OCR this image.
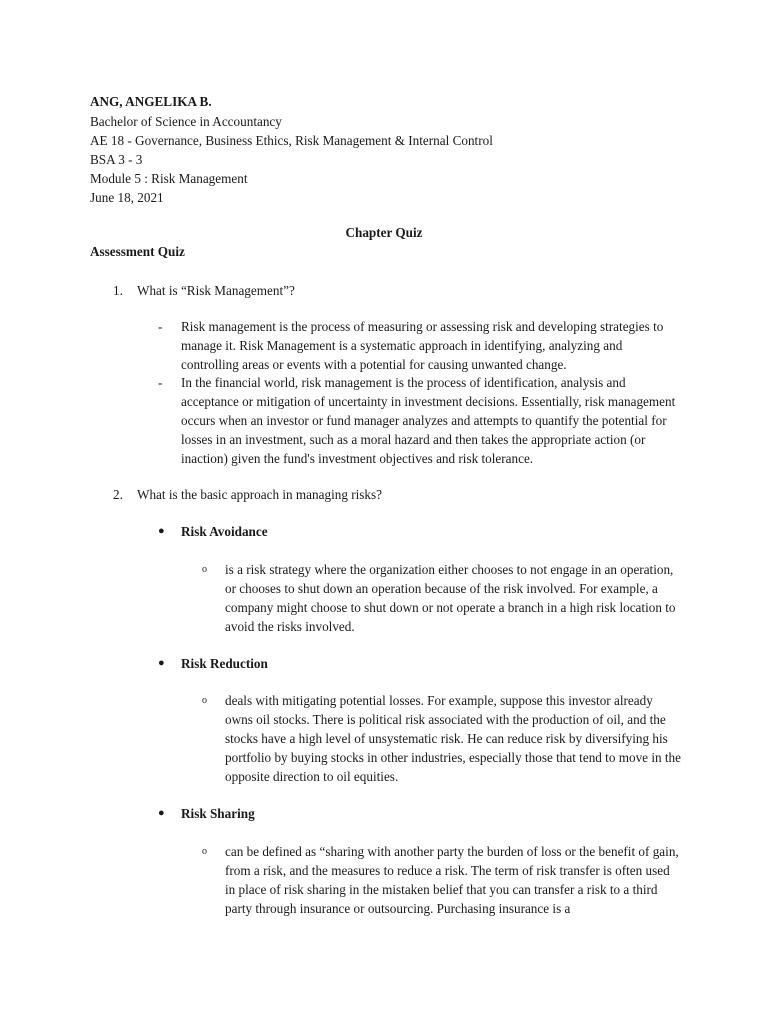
ANG, ANGELIKA B.
Bachelor of Science in Accountancy
AE 18 - Governance, Business Ethics, Risk Management & Internal Control
BSA 3 - 3
Module 5 : Risk Management
June 18, 2021
Chapter Quiz
Assessment Quiz
1.	What is “Risk Management”?
- Risk management is the process of measuring or assessing risk and developing strategies to manage it. Risk Management is a systematic approach in identifying, analyzing and controlling areas or events with a potential for causing unwanted change.
- In the financial world, risk management is the process of identification, analysis and acceptance or mitigation of uncertainty in investment decisions. Essentially, risk management occurs when an investor or fund manager analyzes and attempts to quantify the potential for losses in an investment, such as a moral hazard and then takes the appropriate action (or inaction) given the fund's investment objectives and risk tolerance.
2.	What is the basic approach in managing risks?
● Risk Avoidance
o is a risk strategy where the organization either chooses to not engage in an operation, or chooses to shut down an operation because of the risk involved. For example, a company might choose to shut down or not operate a branch in a high risk location to avoid the risks involved.
● Risk Reduction
o deals with mitigating potential losses. For example, suppose this investor already owns oil stocks. There is political risk associated with the production of oil, and the stocks have a high level of unsystematic risk. He can reduce risk by diversifying his portfolio by buying stocks in other industries, especially those that tend to move in the opposite direction to oil equities.
● Risk Sharing
o can be defined as “sharing with another party the burden of loss or the benefit of gain, from a risk, and the measures to reduce a risk. The term of risk transfer is often used in place of risk sharing in the mistaken belief that you can transfer a risk to a third party through insurance or outsourcing. Purchasing insurance is a
